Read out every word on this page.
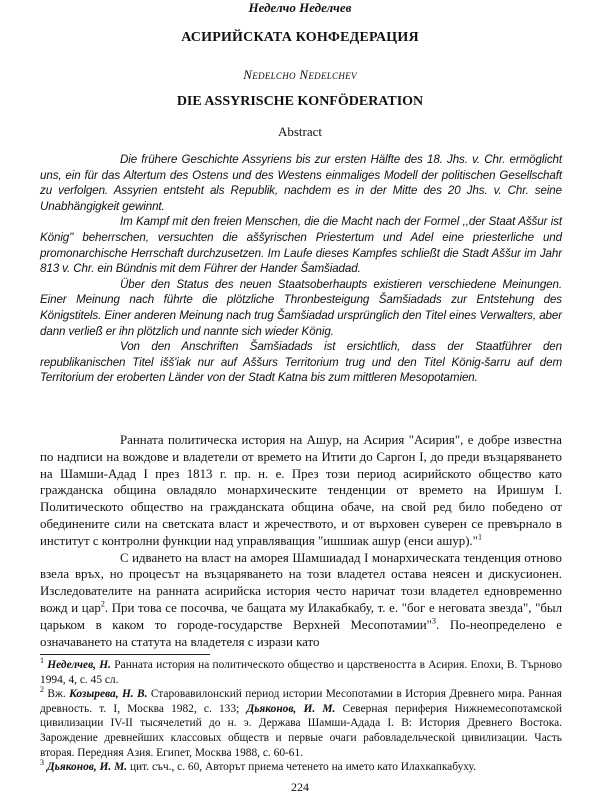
Неделчо Неделчев
АСИРИЙСКАТА КОНФЕДЕРАЦИЯ
Nedelcho Nedelchev
DIE ASSYRISCHE KONFÖDERATION
Abstract

Die frühere Geschichte Assyriens bis zur ersten Hälfte des 18. Jhs. v. Chr. ermöglicht uns, ein für das Altertum des Ostens und des Westens einmaliges Modell der politischen Gesellschaft zu verfolgen. Assyrien entsteht als Republik, nachdem es in der Mitte des 20 Jhs. v. Chr. seine Unabhängigkeit gewinnt.

Im Kampf mit den freien Menschen, die die Macht nach der Formel ,,der Staat Aššur ist König'' beherrschen, versuchten die aššyrischen Priestertum und Adel eine priesterliche und promonarchische Herrschaft durchzusetzen. Im Laufe dieses Kampfes schließt die Stadt Aššur im Jahr 813 v. Chr. ein Bündnis mit dem Führer der Hander Šamšiadad.

Über den Status des neuen Staatsoberhaupts existieren verschiedene Meinungen. Einer Meinung nach führte die plötzliche Thronbesteigung Šamšiadads zur Entstehung des Königstitels. Einer anderen Meinung nach trug Šamšiadad ursprünglich den Titel eines Verwalters, aber dann verließ er ihn plötzlich und nannte sich wieder König.

Von den Anschriften Šamšiadads ist ersichtlich, dass der Staatführer den republikanischen Titel išš'iak nur auf Aššurs Territorium trug und den Titel König-šarru auf dem Territorium der eroberten Länder von der Stadt Katna bis zum mittleren Mesopotamien.

Ранната политическа история на Ашур, на Асирия "Асирия", е добре известна по надписи на вождове и владетели от времето на Итити до Саргон I, до преди възцаряването на Шамши-Адад I през 1813 г. пр. н. е. През този период асирийското общество като гражданска община овладяло монархическите тенденции от времето на Иришум I. Политическото общество на гражданската община обаче, на свой ред било победено от обединените сили на светската власт и жречеството, и от върховен суверен се превърнало в институт с контролни функции над управляващия "ишшиак ашур (енси ашур)."$^1$

С идването на власт на аморея Шамшиадад I монархическата тенденция отново взела връх, но процесът на възцаряването на този владетел остава неясен и дискусионен. Изследователите на ранната асирийска история често наричат този владетел едновременно вожд и цар$^2$. При това се посочва, че бащата му Илакабкабу, т. е. "бог е неговата звезда", "был царьком в каком то городе-государстве Верхней Месопотамии"$^3$. По-неопределено е означаването на статута на владетеля с изрази като

$^1$ Неделчев, Н. Ранната история на политическото общество и царствеността в Асирия. Епохи, В. Търново 1994, 4, с. 45 сл.

$^2$ Вж. Козырева, Н. В. Старовавилонский период истории Месопотамии в История Древнего мира. Ранная древность. т. I, Москва 1982, с. 133; Дьяконов, И. М. Северная периферия Нижнемесопотамской цивилизации IV-II тысячелетий до н. э. Держава Шамши-Адада I. В: История Древнего Востока. Зарождение древнейших классовых обществ и первые очаги рабовладельческой цивилизации. Часть вторая. Передняя Азия. Египет, Москва 1988, с. 60-61.

$^3$ Дьяконов, И. М. цит. съч., с. 60, Авторът приема четенето на името като Илахкапкабуху.

224
